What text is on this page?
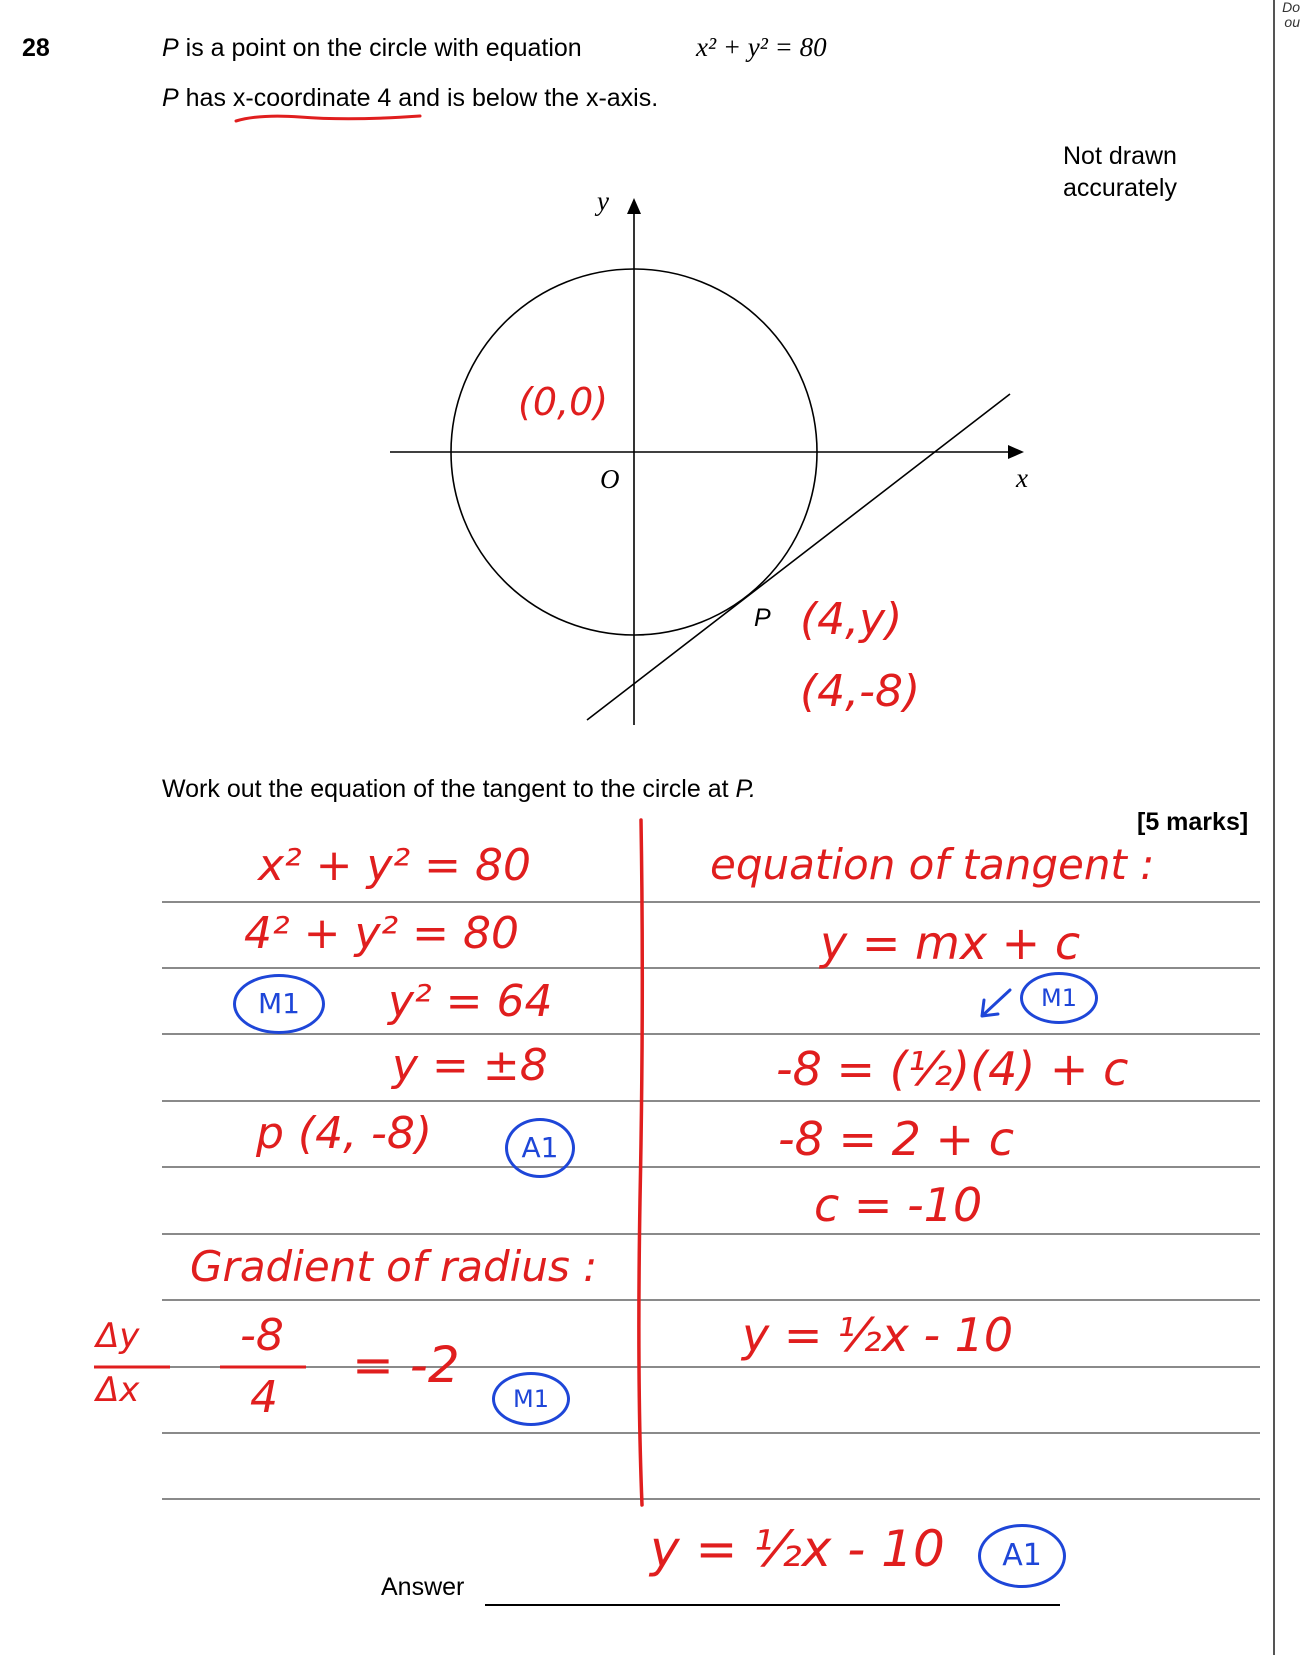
Do
ou
28	P is a point on the circle with equation	x² + y² = 80
P has x-coordinate 4 and is below the x-axis.
Not drawn
accurately
y
x
O
P
(0,0)
(4,y)
(4,-8)
Work out the equation of the tangent to the circle at P.
[5 marks]
x² + y² = 80
4² + y² = 80
y² = 64
y = ±8
p (4, -8)
Gradient of radius :
Δy
Δx
-8
4
= -2
equation of tangent :
y = mx + c
-8 = (½)(4) + c
-8 = 2 + c
c = -10
y = ½x - 10
Answer
y = ½x - 10
M1
A1
M1
M1
A1
